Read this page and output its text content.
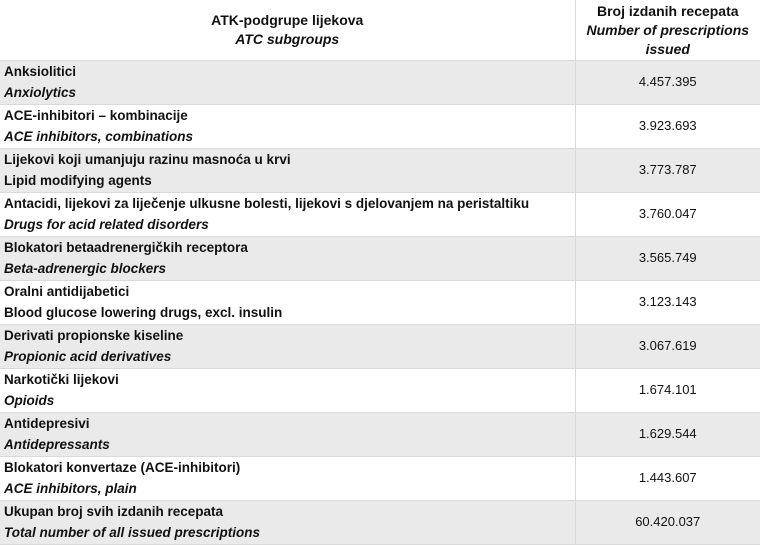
ATK-podgrupe lijekova
ATC subgroups	Broj izdanih recepata
Number of prescriptions issued

Anksiolitici
Anxiolytics	4.457.395

ACE-inhibitori – kombinacije
ACE inhibitors, combinations	3.923.693

Lijekovi koji umanjuju razinu masnoća u krvi
Lipid modifying agents	3.773.787

Antacidi, lijekovi za liječenje ulkusne bolesti, lijekovi s djelovanjem na peristaltiku
Drugs for acid related disorders	3.760.047

Blokatori betaadrenergičkih receptora
Beta-adrenergic blockers	3.565.749

Oralni antidijabetici
Blood glucose lowering drugs, excl. insulin	3.123.143

Derivati propionske kiseline
Propionic acid derivatives	3.067.619

Narkotički lijekovi
Opioids	1.674.101

Antidepresivi
Antidepressants	1.629.544

Blokatori konvertaze (ACE-inhibitori)
ACE inhibitors, plain	1.443.607

Ukupan broj svih izdanih recepata
Total number of all issued prescriptions	60.420.037
